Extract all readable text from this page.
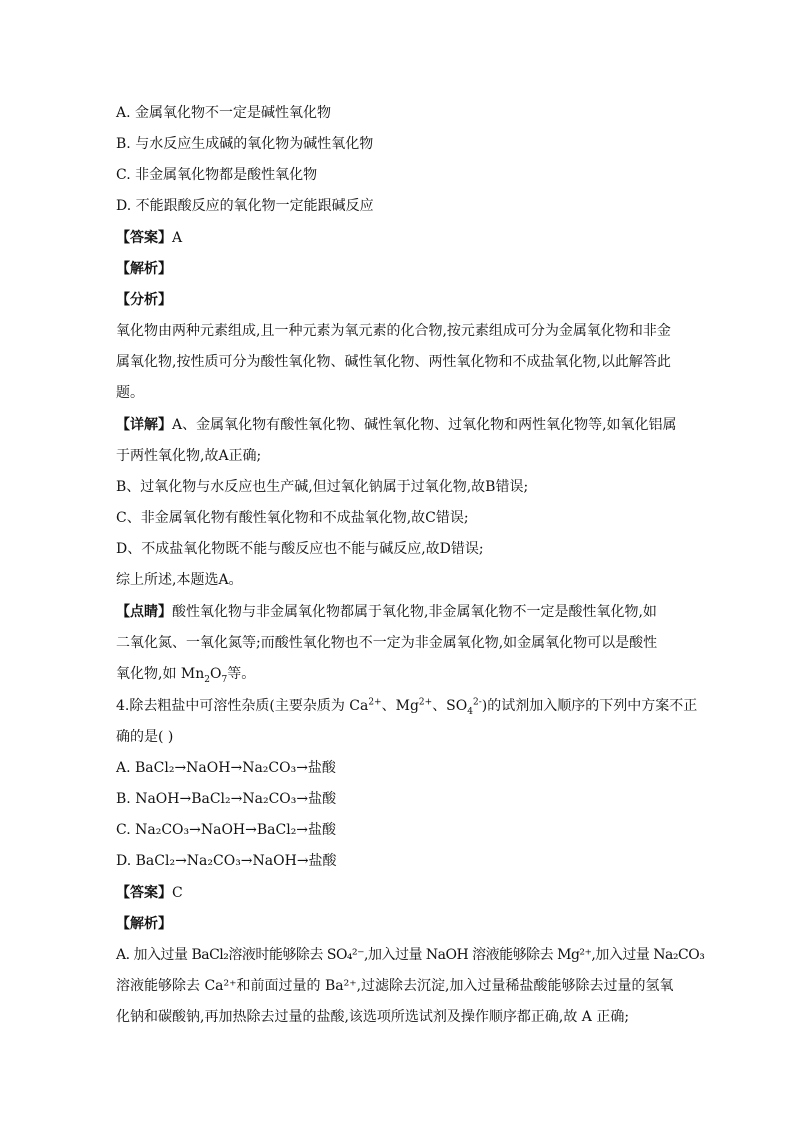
A. 金属氧化物不一定是碱性氧化物
B. 与水反应生成碱的氧化物为碱性氧化物
C. 非金属氧化物都是酸性氧化物
D. 不能跟酸反应的氧化物一定能跟碱反应
【答案】A
【解析】
【分析】
氧化物由两种元素组成,且一种元素为氧元素的化合物,按元素组成可分为金属氧化物和非金
属氧化物,按性质可分为酸性氧化物、碱性氧化物、两性氧化物和不成盐氧化物,以此解答此
题。
【详解】A、金属氧化物有酸性氧化物、碱性氧化物、过氧化物和两性氧化物等,如氧化铝属
于两性氧化物,故A正确;
B、过氧化物与水反应也生产碱,但过氧化钠属于过氧化物,故B错误;
C、非金属氧化物有酸性氧化物和不成盐氧化物,故C错误;
D、不成盐氧化物既不能与酸反应也不能与碱反应,故D错误;
综上所述,本题选A。
【点睛】酸性氧化物与非金属氧化物都属于氧化物,非金属氧化物不一定是酸性氧化物,如
二氧化氮、一氧化氮等;而酸性氧化物也不一定为非金属氧化物,如金属氧化物可以是酸性
氧化物,如 $Mn_2O_7$等。
4.除去粗盐中可溶性杂质(主要杂质为 $Ca^{2+}$、$Mg^{2+}$、$SO_4^{2-}$)的试剂加入顺序的下列中方案不正
确的是( )
A. BaCl₂→NaOH→Na₂CO₃→盐酸
B. NaOH→BaCl₂→Na₂CO₃→盐酸
C. Na₂CO₃→NaOH→BaCl₂→盐酸
D. BaCl₂→Na₂CO₃→NaOH→盐酸
【答案】C
【解析】
A. 加入过量 BaCl₂溶液时能够除去 SO₄²⁻,加入过量 NaOH 溶液能够除去 Mg²⁺,加入过量 Na₂CO₃
溶液能够除去 Ca²⁺和前面过量的 Ba²⁺,过滤除去沉淀,加入过量稀盐酸能够除去过量的氢氧
化钠和碳酸钠,再加热除去过量的盐酸,该选项所选试剂及操作顺序都正确,故 A 正确;
